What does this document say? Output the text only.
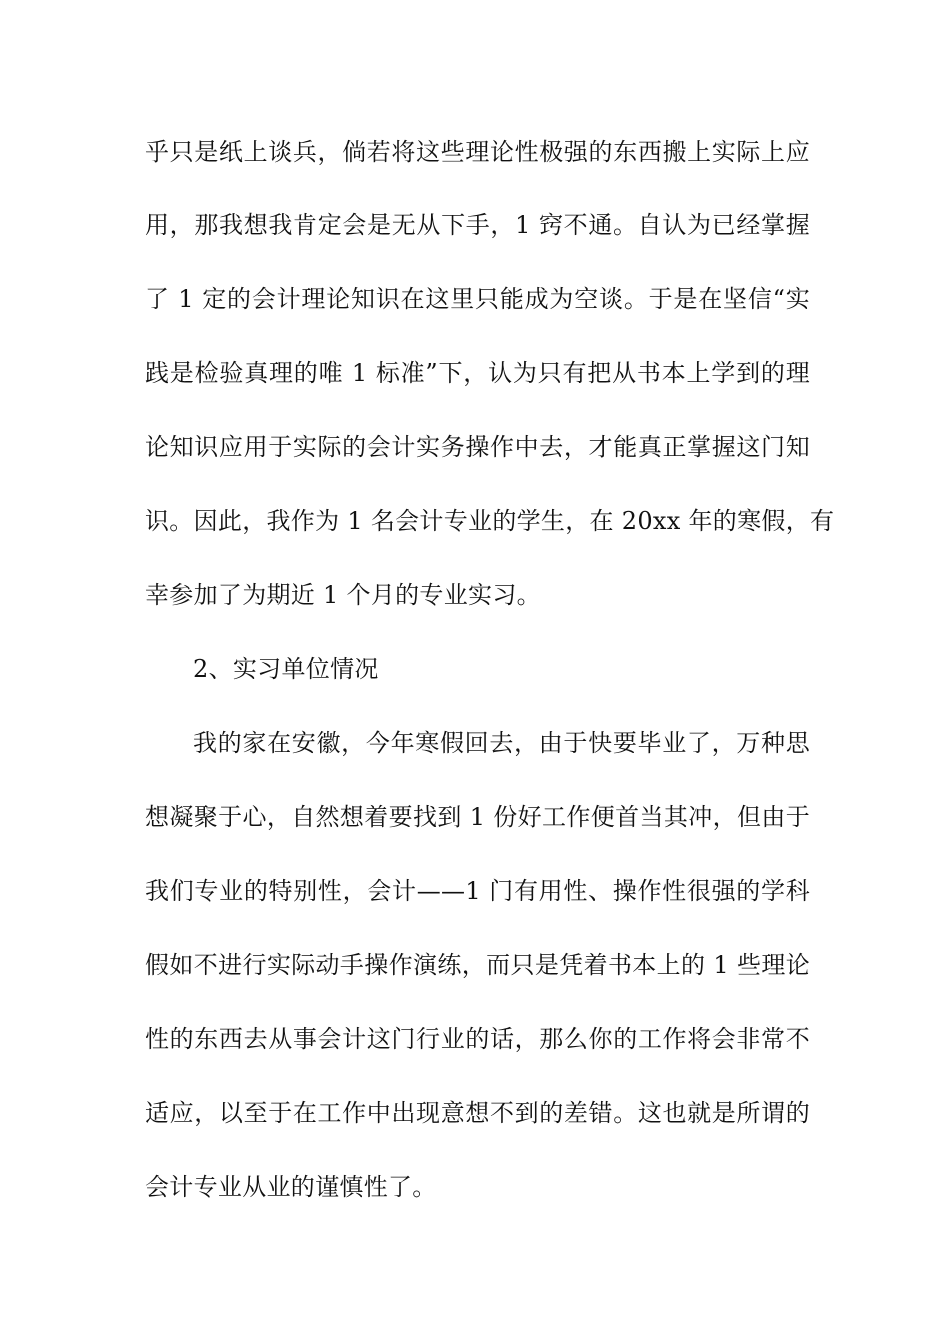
乎只是纸上谈兵，倘若将这些理论性极强的东西搬上实际上应
用，那我想我肯定会是无从下手，1 窍不通。自认为已经掌握
了 1 定的会计理论知识在这里只能成为空谈。于是在坚信“实
践是检验真理的唯 1 标准”下，认为只有把从书本上学到的理
论知识应用于实际的会计实务操作中去，才能真正掌握这门知
识。因此，我作为 1 名会计专业的学生，在 20xx 年的寒假，有
幸参加了为期近 1 个月的专业实习。
2、实习单位情况
我的家在安徽，今年寒假回去，由于快要毕业了，万种思
想凝聚于心，自然想着要找到 1 份好工作便首当其冲，但由于
我们专业的特别性，会计——1 门有用性、操作性很强的学科
假如不进行实际动手操作演练，而只是凭着书本上的 1 些理论
性的东西去从事会计这门行业的话，那么你的工作将会非常不
适应，以至于在工作中出现意想不到的差错。这也就是所谓的
会计专业从业的谨慎性了。
